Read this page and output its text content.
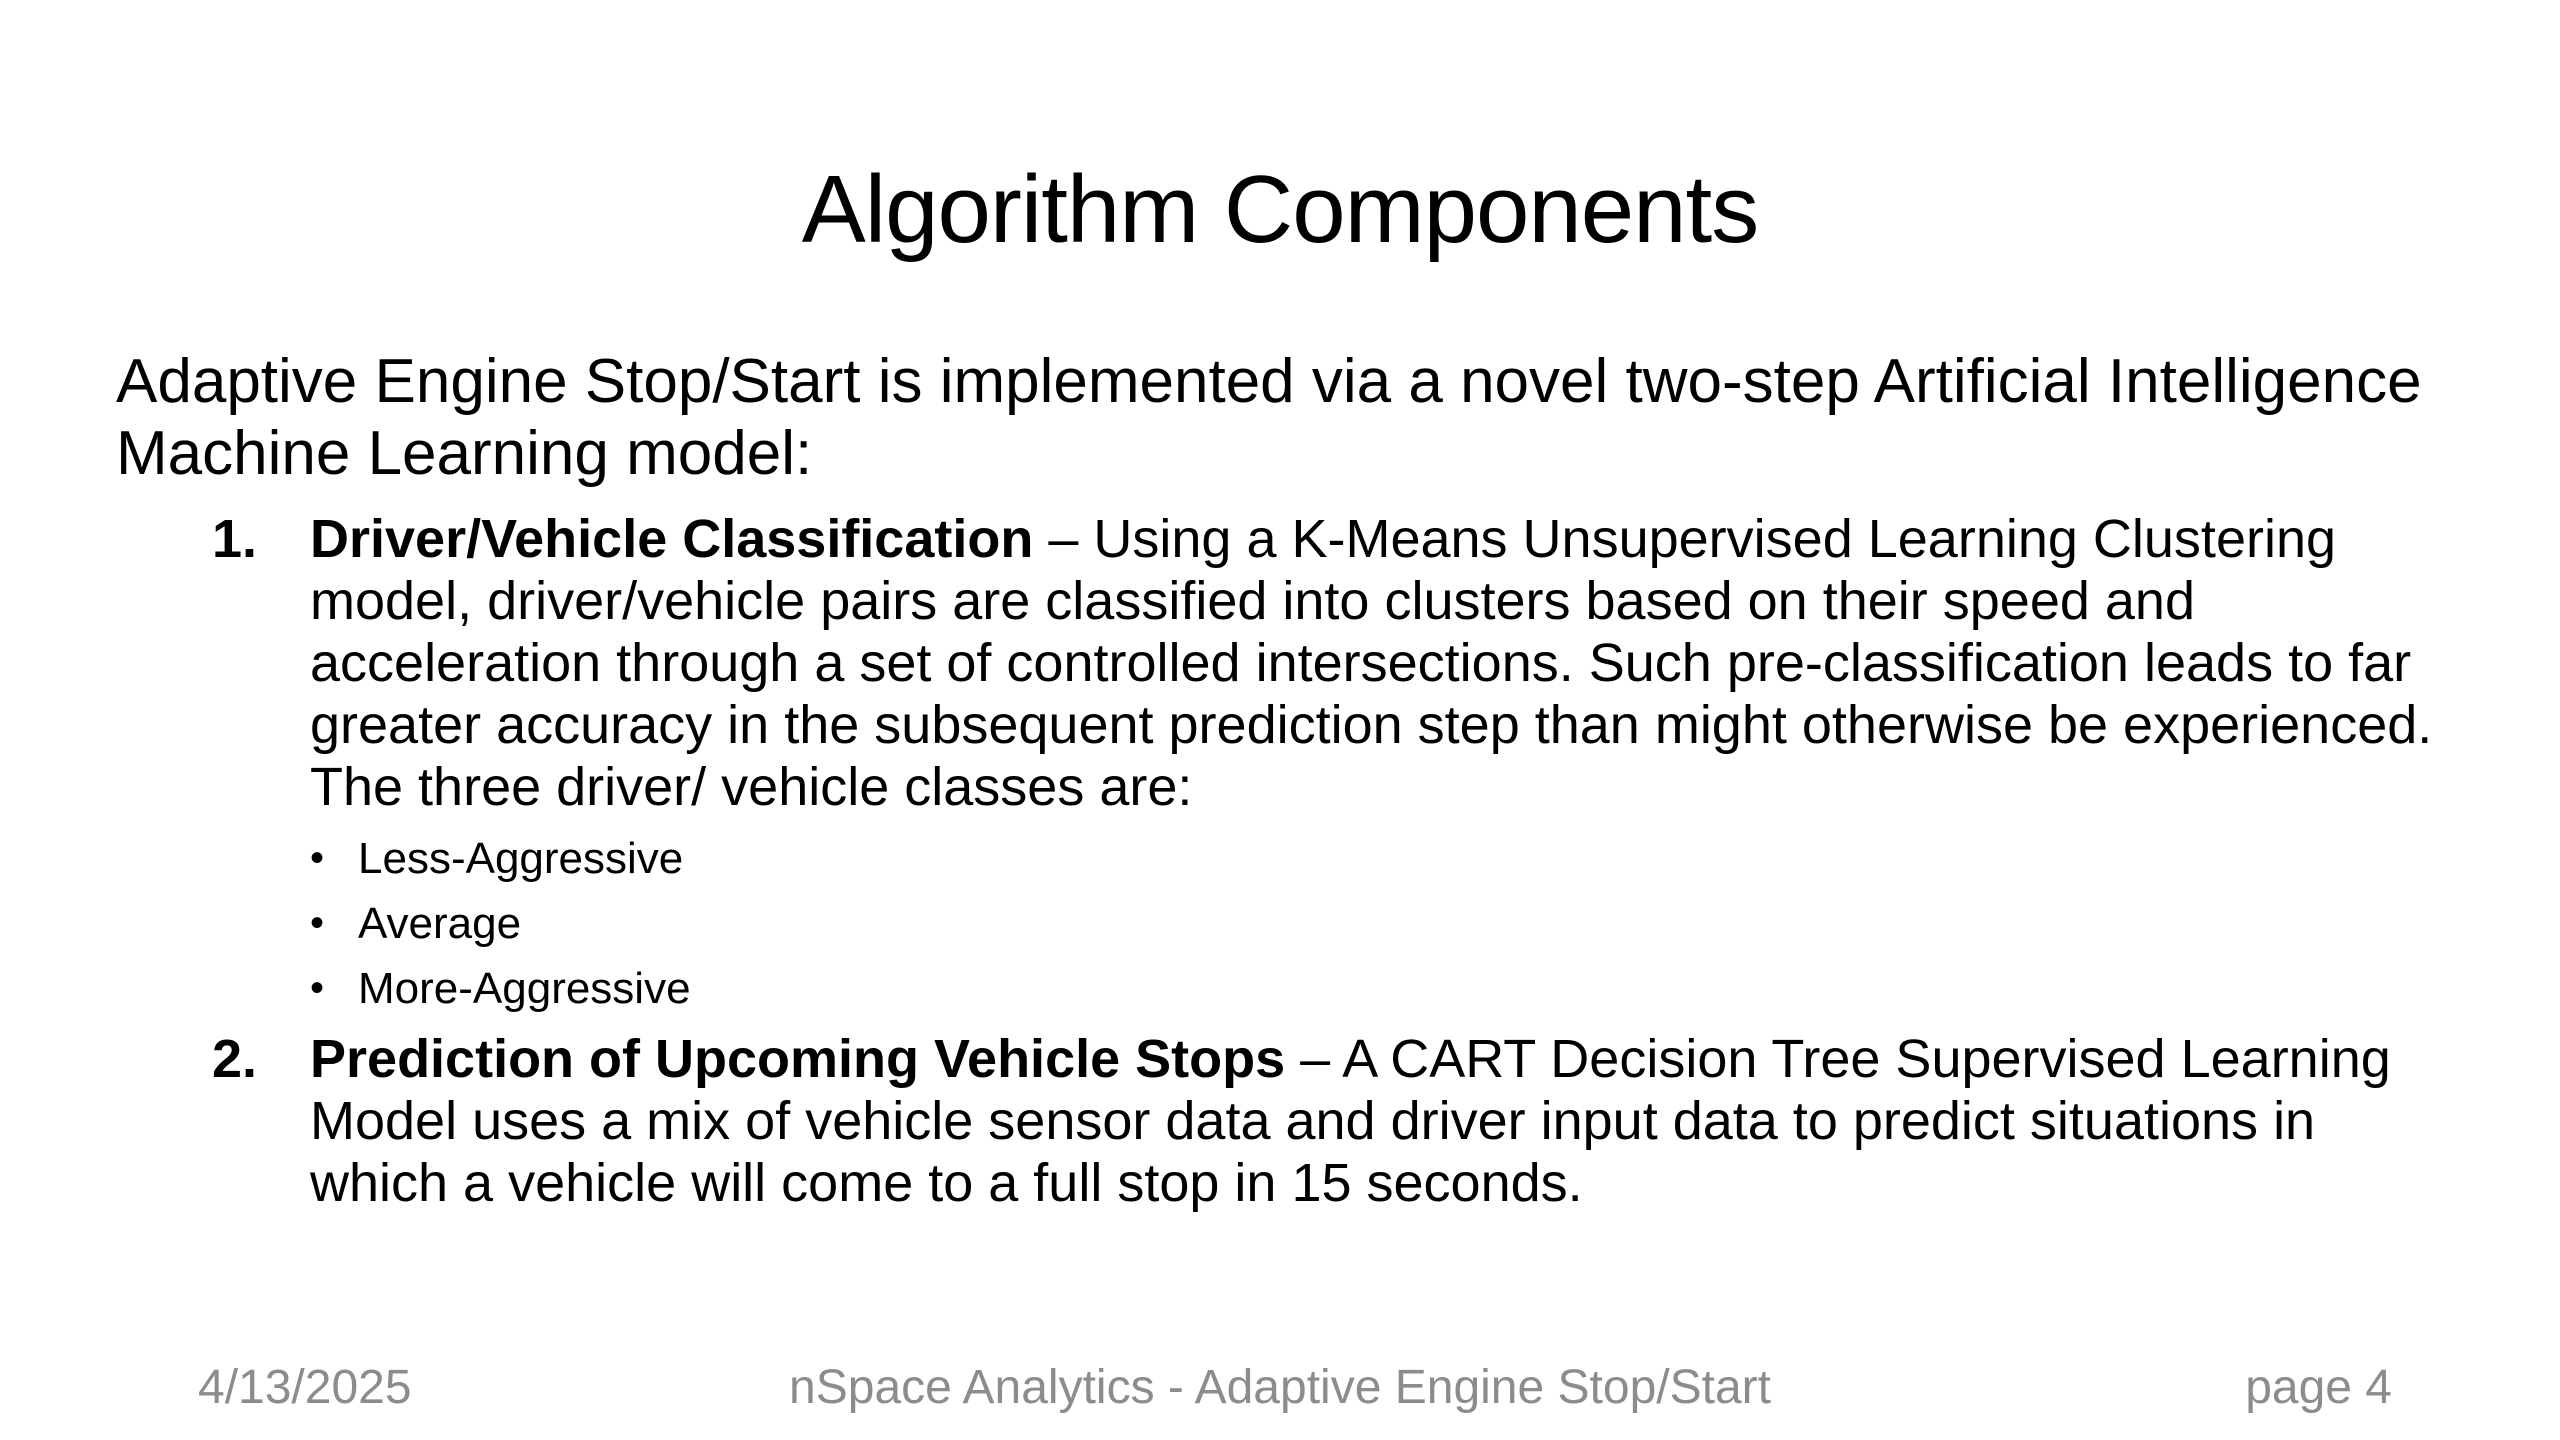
Algorithm Components
Adaptive Engine Stop/Start is implemented via a novel two-step Artificial Intelligence Machine Learning model:
1. Driver/Vehicle Classification – Using a K-Means Unsupervised Learning Clustering model, driver/vehicle pairs are classified into clusters based on their speed and acceleration through a set of controlled intersections. Such pre-classification leads to far greater accuracy in the subsequent prediction step than might otherwise be experienced. The three driver/ vehicle classes are:
• Less-Aggressive
• Average
• More-Aggressive
2. Prediction of Upcoming Vehicle Stops – A CART Decision Tree Supervised Learning Model uses a mix of vehicle sensor data and driver input data to predict situations in which a vehicle will come to a full stop in 15 seconds.
4/13/2025	nSpace Analytics - Adaptive Engine Stop/Start	page 4
